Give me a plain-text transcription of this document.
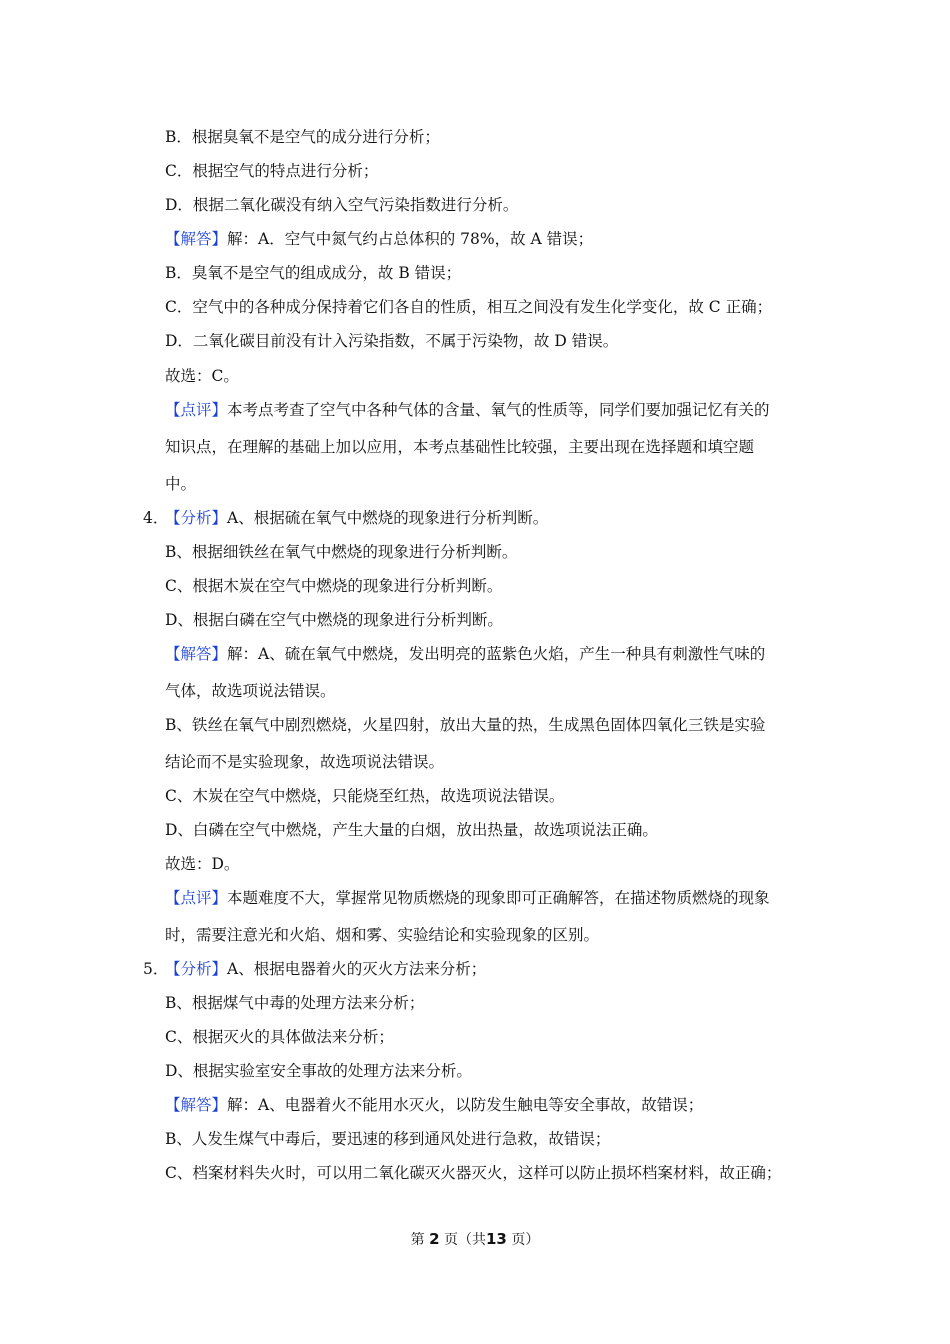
B．根据臭氧不是空气的成分进行分析；
C．根据空气的特点进行分析；
D．根据二氧化碳没有纳入空气污染指数进行分析。
【解答】解：A．空气中氮气约占总体积的 78%，故 A 错误；
B．臭氧不是空气的组成成分，故 B 错误；
C．空气中的各种成分保持着它们各自的性质，相互之间没有发生化学变化，故 C 正确；
D．二氧化碳目前没有计入污染指数，不属于污染物，故 D 错误。
故选：C。
【点评】本考点考查了空气中各种气体的含量、氧气的性质等，同学们要加强记忆有关的
知识点，在理解的基础上加以应用，本考点基础性比较强，主要出现在选择题和填空题
中。
4．【分析】A、根据硫在氧气中燃烧的现象进行分析判断。
B、根据细铁丝在氧气中燃烧的现象进行分析判断。
C、根据木炭在空气中燃烧的现象进行分析判断。
D、根据白磷在空气中燃烧的现象进行分析判断。
【解答】解：A、硫在氧气中燃烧，发出明亮的蓝紫色火焰，产生一种具有刺激性气味的
气体，故选项说法错误。
B、铁丝在氧气中剧烈燃烧，火星四射，放出大量的热，生成黑色固体四氧化三铁是实验
结论而不是实验现象，故选项说法错误。
C、木炭在空气中燃烧，只能烧至红热，故选项说法错误。
D、白磷在空气中燃烧，产生大量的白烟，放出热量，故选项说法正确。
故选：D。
【点评】本题难度不大，掌握常见物质燃烧的现象即可正确解答，在描述物质燃烧的现象
时，需要注意光和火焰、烟和雾、实验结论和实验现象的区别。
5．【分析】A、根据电器着火的灭火方法来分析；
B、根据煤气中毒的处理方法来分析；
C、根据灭火的具体做法来分析；
D、根据实验室安全事故的处理方法来分析。
【解答】解：A、电器着火不能用水灭火，以防发生触电等安全事故，故错误；
B、人发生煤气中毒后，要迅速的移到通风处进行急救，故错误；
C、档案材料失火时，可以用二氧化碳灭火器灭火，这样可以防止损坏档案材料，故正确；
第 2 页（共13 页）
